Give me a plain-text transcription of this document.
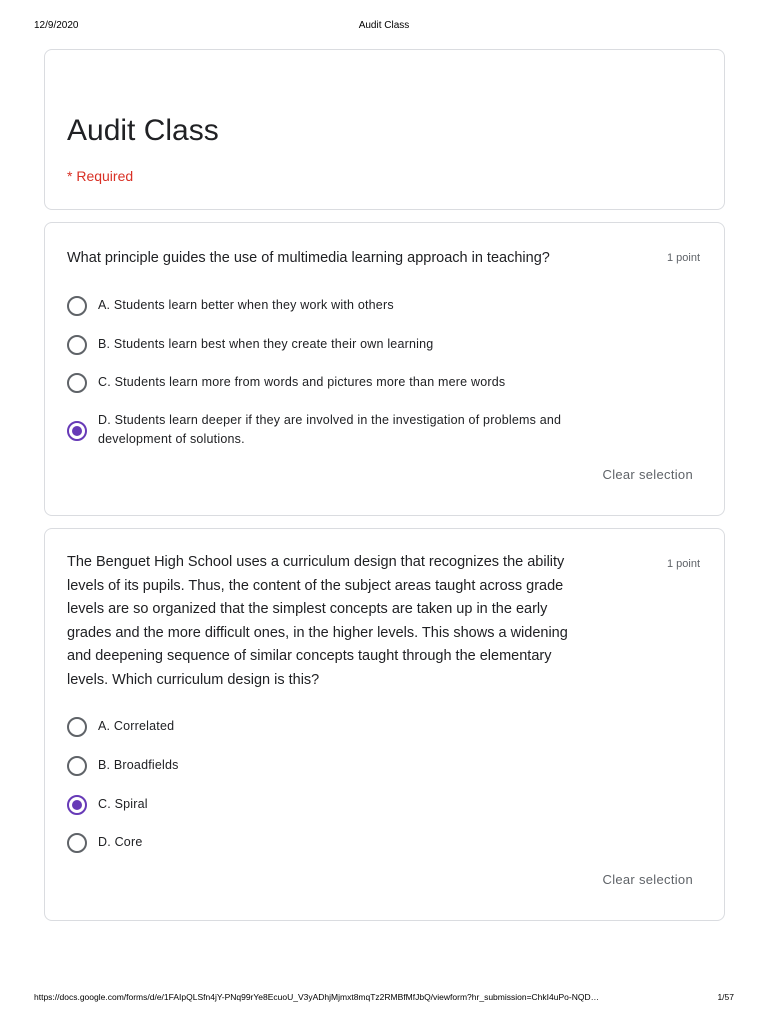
12/9/2020	Audit Class
Audit Class
* Required
What principle guides the use of multimedia learning approach in teaching?	1 point
A. Students learn better when they work with others
B. Students learn best when they create their own learning
C. Students learn more from words and pictures more than mere words
D. Students learn deeper if they are involved in the investigation of problems and development of solutions.
Clear selection
The Benguet High School uses a curriculum design that recognizes the ability levels of its pupils. Thus, the content of the subject areas taught across grade levels are so organized that the simplest concepts are taken up in the early grades and the more difficult ones, in the higher levels. This shows a widening and deepening sequence of similar concepts taught through the elementary levels. Which curriculum design is this?
1 point
A. Correlated
B. Broadfields
C. Spiral
D. Core
Clear selection
https://docs.google.com/forms/d/e/1FAIpQLSfn4jY-PNq99rYe8EcuoU_V3yADhjMjmxt8mqTz2RMBfMfJbQ/viewform?hr_submission=ChkI4uPo-NQD…	1/57
